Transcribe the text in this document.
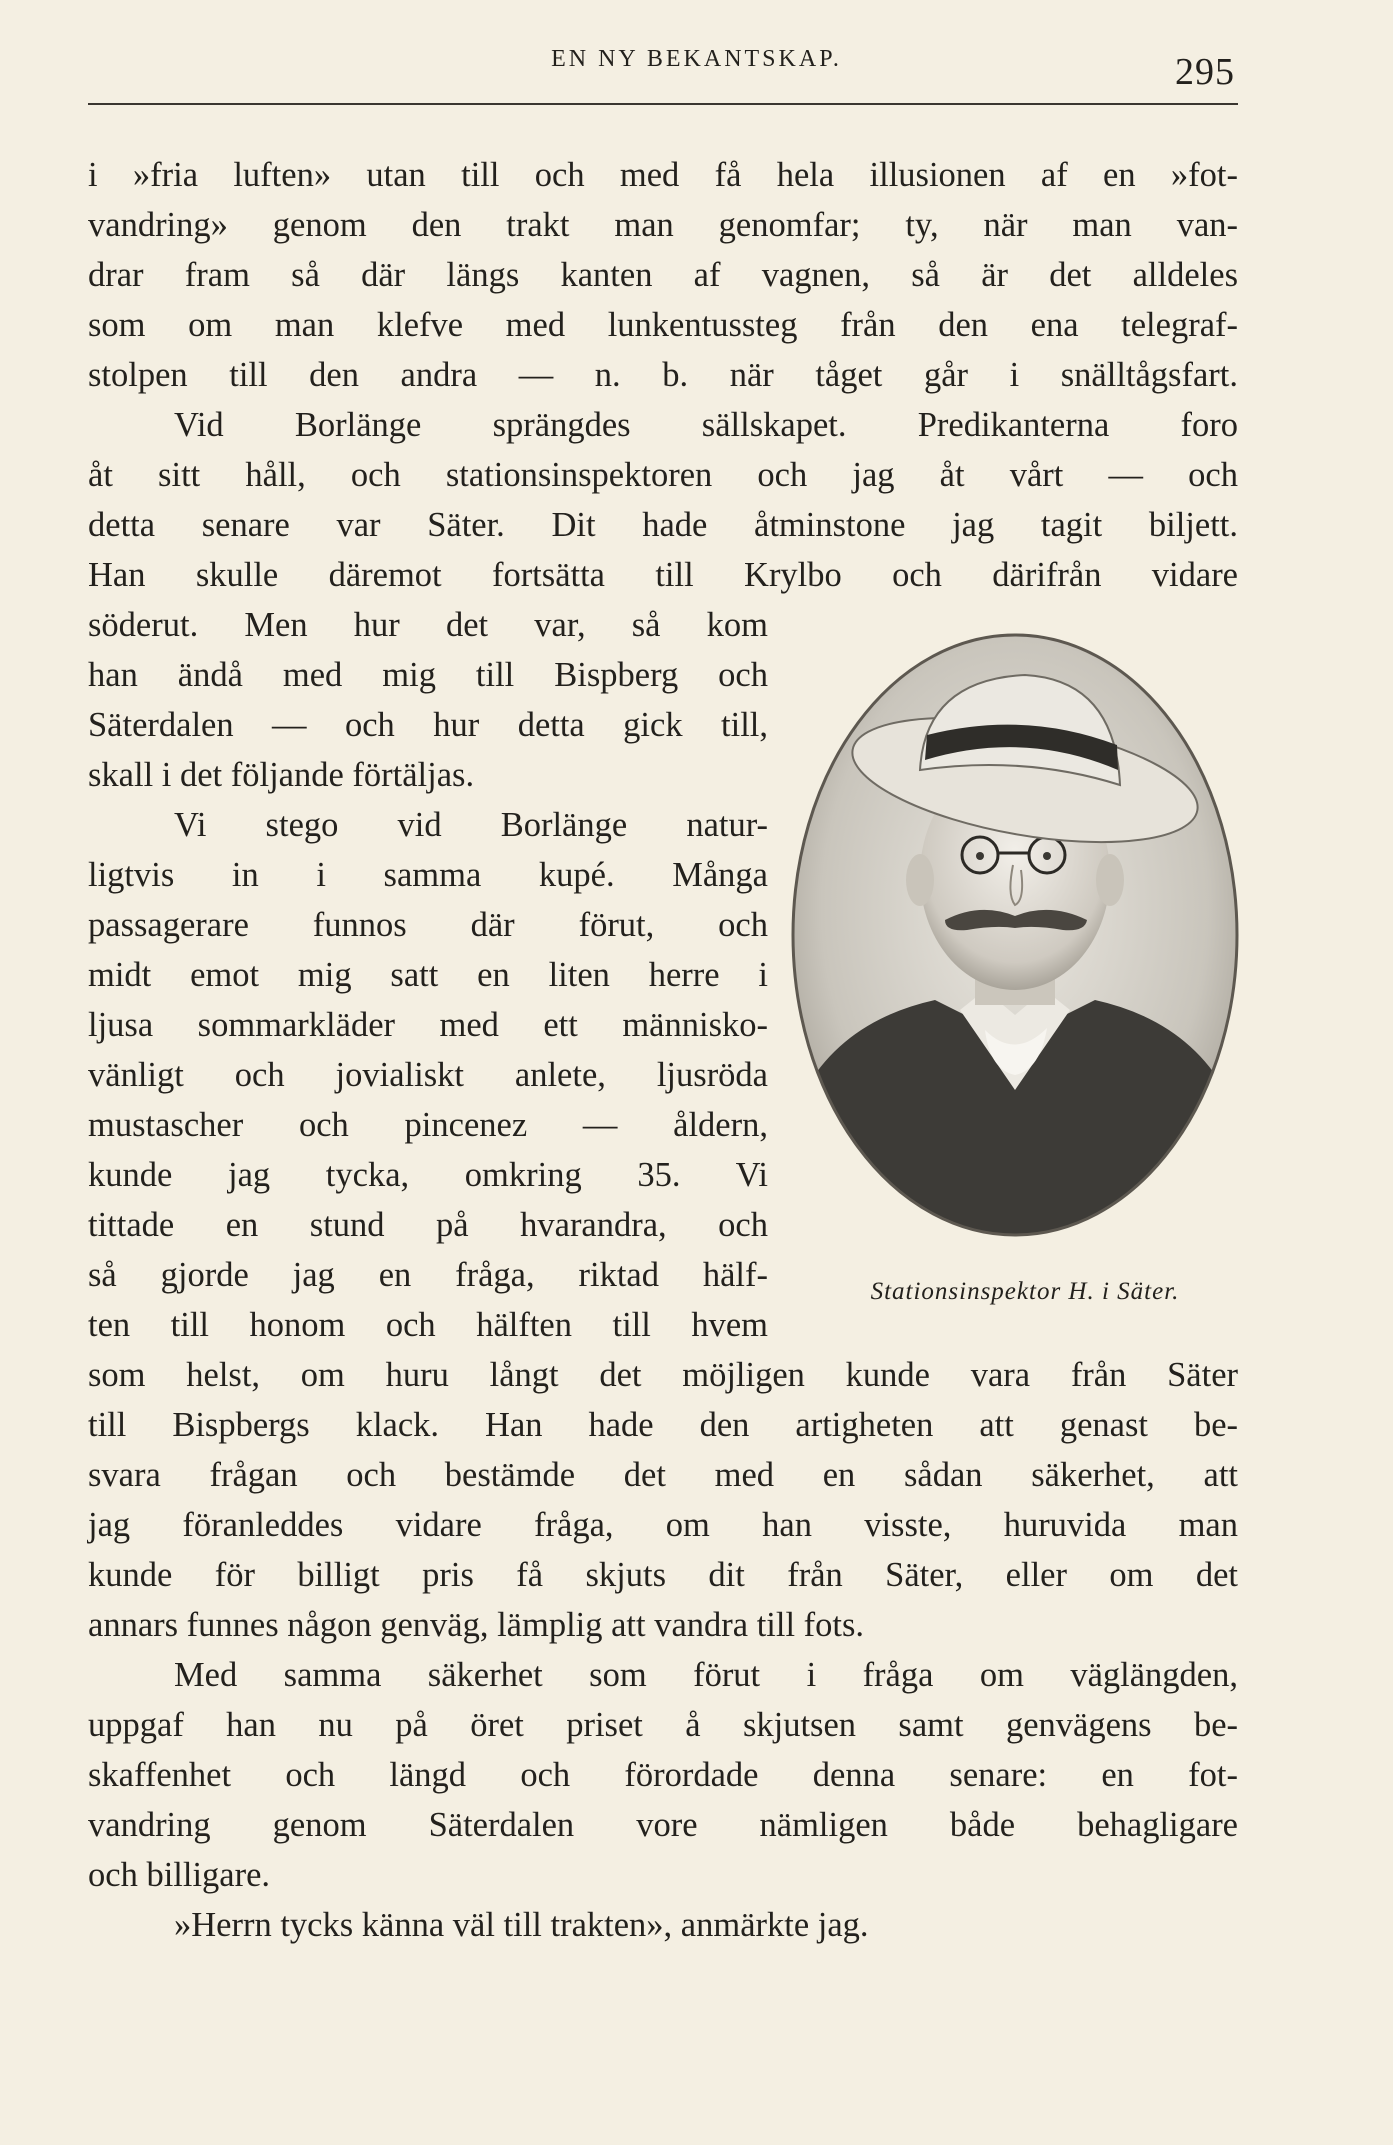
EN NY BEKANTSKAP.	295
i »fria luften» utan till och med få hela illusionen af en »fot-
vandring» genom den trakt man genomfar; ty, när man van-
drar fram så där längs kanten af vagnen, så är det alldeles
som om man klefve med lunkentussteg från den ena telegraf-
stolpen till den andra — n. b. när tåget går i snälltågsfart.
Vid Borlänge sprängdes sällskapet. Predikanterna foro
åt sitt håll, och stationsinspektoren och jag åt vårt — och
detta senare var Säter. Dit hade åtminstone jag tagit biljett.
Han skulle däremot fortsätta till Krylbo och därifrån vidare
söderut. Men hur det var, så kom
han ändå med mig till Bispberg och
Säterdalen — och hur detta gick till,
skall i det följande förtäljas.
Vi stego vid Borlänge natur-
ligtvis in i samma kupé. Många
passagerare funnos där förut, och
midt emot mig satt en liten herre i
ljusa sommarkläder med ett människo-
vänligt och jovialiskt anlete, ljusröda
mustascher och pincenez — åldern,
kunde jag tycka, omkring 35. Vi
tittade en stund på hvarandra, och
så gjorde jag en fråga, riktad hälf-
ten till honom och hälften till hvem
som helst, om huru långt det möjligen kunde vara från Säter
till Bispbergs klack. Han hade den artigheten att genast be-
svara frågan och bestämde det med en sådan säkerhet, att
jag föranleddes vidare fråga, om han visste, huruvida man
kunde för billigt pris få skjuts dit från Säter, eller om det
annars funnes någon genväg, lämplig att vandra till fots.
Med samma säkerhet som förut i fråga om väglängden,
uppgaf han nu på öret priset å skjutsen samt genvägens be-
skaffenhet och längd och förordade denna senare: en fot-
vandring genom Säterdalen vore nämligen både behagligare
och billigare.
»Herrn tycks känna väl till trakten», anmärkte jag.
Stationsinspektor H. i Säter.
